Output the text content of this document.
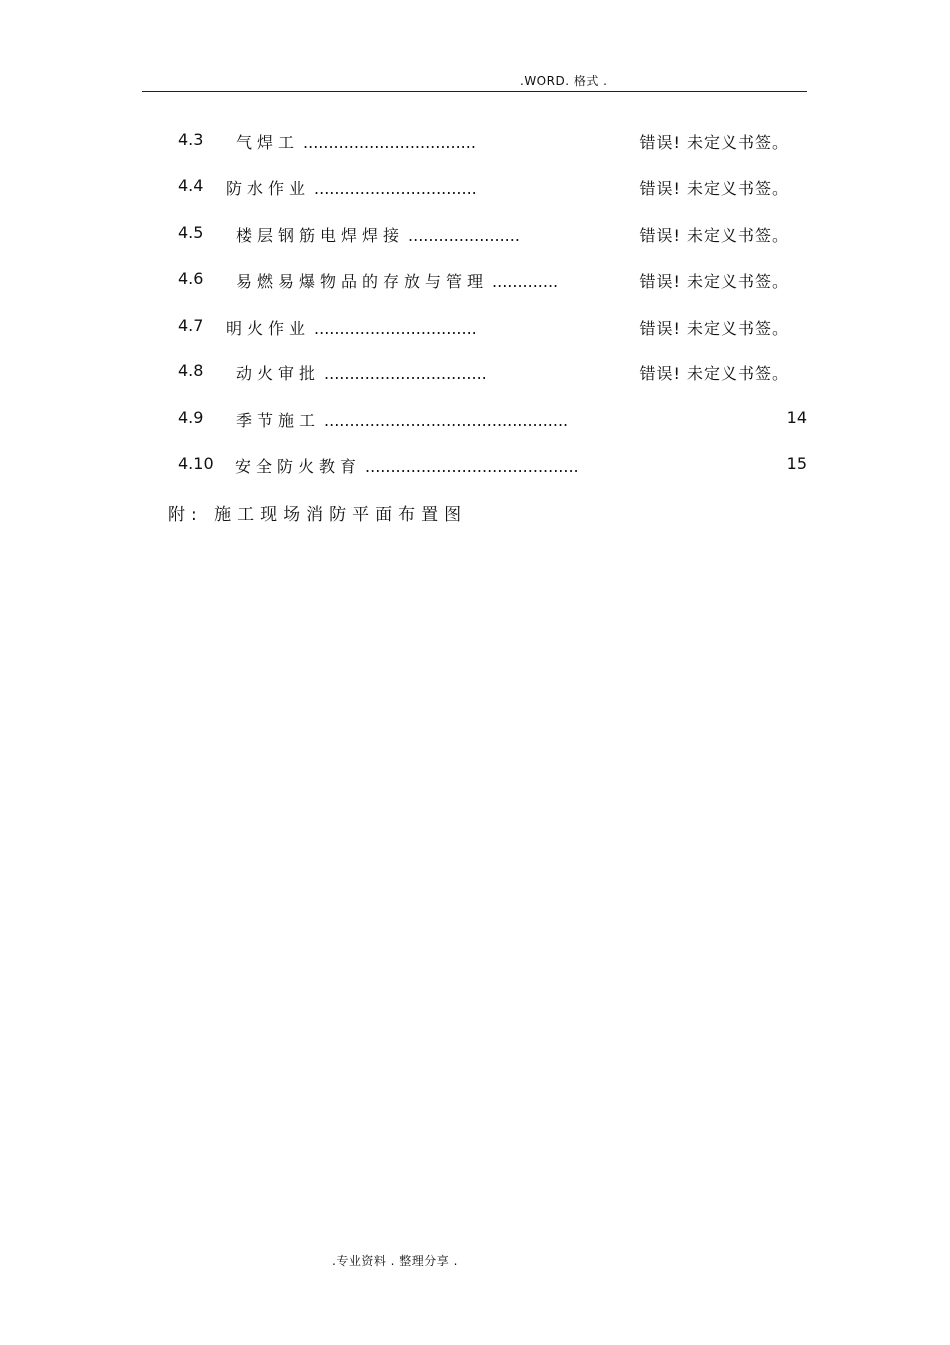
.WORD. 格式 .
4.3 气焊工 ..................................	错误! 未定义书签。
4.4 防水作业 ................................	错误! 未定义书签。
4.5 楼层钢筋电焊焊接 ......................	错误! 未定义书签。
4.6 易燃易爆物品的存放与管理 .............	错误! 未定义书签。
4.7 明火作业 ................................	错误! 未定义书签。
4.8 动火审批 ................................	错误! 未定义书签。
4.9 季节施工 ................................................	14
4.10 安全防火教育 ..........................................	15
附: 施工现场消防平面布置图
.专业资料 . 整理分享 .
